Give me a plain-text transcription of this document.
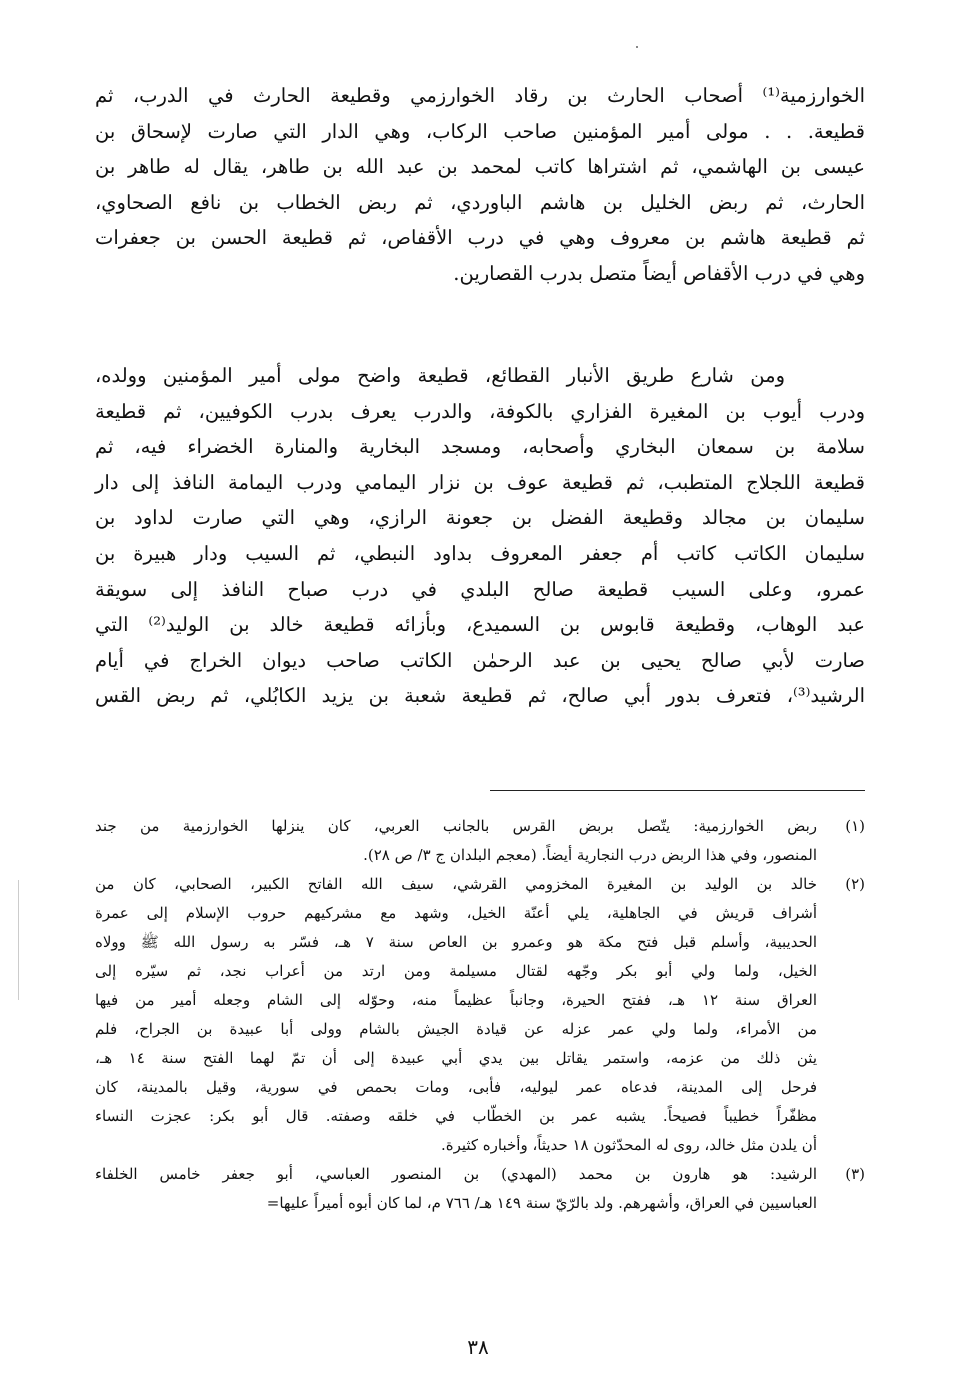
الخوارزمية⁽¹⁾ أصحاب الحارث بن رقاد الخوارزمي وقطيعة الحارث في الدرب، ثم
قطيعة. . . مولى أمير المؤمنين صاحب الركاب، وهي الدار التي صارت لإسحاق بن
عيسى بن الهاشمي، ثم اشتراها كاتب لمحمد بن عبد الله بن طاهر، يقال له طاهر بن
الحارث، ثم ربض الخليل بن هاشم الباوردي، ثم ربض الخطاب بن نافع الصحاوي،
ثم قطيعة هاشم بن معروف وهي في درب الأقفاص، ثم قطيعة الحسن بن جعفرات
وهي في درب الأقفاص أيضاً متصل بدرب القصارين.
ومن شارع طريق الأنبار القطائع، قطيعة واضح مولى أمير المؤمنين وولده،
ودرب أيوب بن المغيرة الفزاري بالكوفة، والدرب يعرف بدرب الكوفيين، ثم قطيعة
سلامة بن سمعان البخاري وأصحابه، ومسجد البخارية والمنارة الخضراء فيه، ثم
قطيعة اللجلاج المتطبب، ثم قطيعة عوف بن نزار اليمامي ودرب اليمامة النافذ إلى دار
سليمان بن مجالد وقطيعة الفضل بن جعونة الرازي، وهي التي صارت لداود بن
سليمان الكاتب كاتب أم جعفر المعروف بداود النبطي، ثم السيب ودار هبيرة بن
عمرو، وعلى السيب قطيعة صالح البلدي في درب صباح النافذ إلى سويقة
عبد الوهاب، وقطيعة قابوس بن السميدع، وبأزائه قطيعة خالد بن الوليد⁽²⁾ التي
صارت لأبي صالح يحيى بن عبد الرحمٰن الكاتب صاحب ديوان الخراج في أيام
الرشيد⁽³⁾، فتعرف بدور أبي صالح، ثم قطيعة شعبة بن يزيد الكابُلي، ثم ربض القس
(١)
ربض الخوارزمية: يتّصل بربض القرس بالجانب العربي، كان ينزلها الخوارزمية من جند
المنصور، وفي هذا الربض درب النجارية أيضاً. (معجم البلدان ج ٣/ ص ٢٨).
(٢)
خالد بن الوليد بن المغيرة المخزومي القرشي، سيف الله الفاتح الكبير، الصحابي، كان من
أشراف قريش في الجاهلية، يلي أعنّة الخيل، وشهد مع مشركيهم حروب الإسلام إلى عمرة
الحديبية، وأسلم قبل فتح مكة هو وعمرو بن العاص سنة ٧ هـ، فسّر به رسول الله ﷺ وولاه
الخيل، ولما ولي أبو بكر وجّهه لقتال مسيلمة ومن ارتد من أعراب نجد، ثم سيّره إلى
العراق سنة ١٢ هـ، ففتح الحيرة، وجانباً عظيماً منه، وحوّله إلى الشام وجعله أمير من فيها
من الأمراء، ولما ولي عمر عزله عن قيادة الجيش بالشام وولى أبا عبيدة بن الجراح، فلم
يثن ذلك من عزمه، واستمر يقاتل بين يدي أبي عبيدة إلى أن تمّ لهما الفتح سنة ١٤ هـ،
فرحل إلى المدينة، فدعاه عمر ليوليه، فأبى، ومات بحمص في سورية، وقيل بالمدينة، كان
مظفّراً خطيباً فصيحاً. يشبه عمر بن الخطّاب في خلقه وصفته. قال أبو بكر: عجزت النساء
أن يلدن مثل خالد، روى له المحدّثون ١٨ حديثاً، وأخباره كثيرة.
(٣)
الرشيد: هو هارون بن محمد (المهدي) بن المنصور العباسي، أبو جعفر خامس الخلفاء
العباسيين في العراق، وأشهرهم. ولد بالرّيّ سنة ١٤٩ هـ/ ٧٦٦ م، لما كان أبوه أميراً عليها=
٣٨
